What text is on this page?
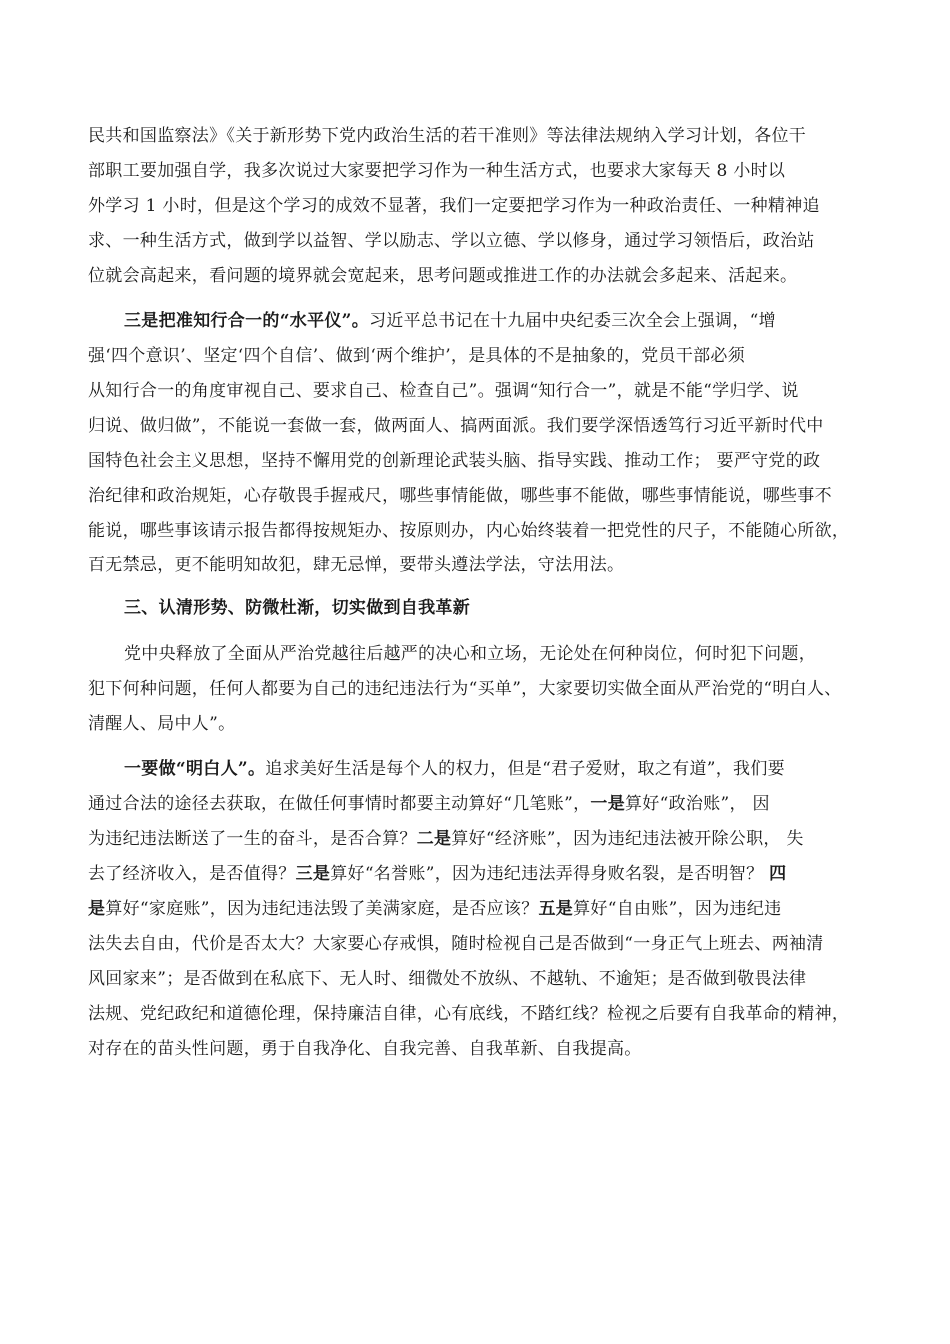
民共和国监察法》《关于新形势下党内政治生活的若干准则》等法律法规纳入学习计划，各位干
部职工要加强自学，我多次说过大家要把学习作为一种生活方式，也要求大家每天 8 小时以
外学习 1 小时，但是这个学习的成效不显著，我们一定要把学习作为一种政治责任、一种精神追
求、一种生活方式，做到学以益智、学以励志、学以立德、学以修身，通过学习领悟后，政治站
位就会高起来，看问题的境界就会宽起来，思考问题或推进工作的办法就会多起来、活起来。
三是把准知行合一的“水平仪”。习近平总书记在十九届中央纪委三次全会上强调，“增
强‘四个意识’、坚定‘四个自信’、做到‘两个维护’，是具体的不是抽象的，党员干部必须
从知行合一的角度审视自己、要求自己、检查自己”。强调“知行合一”，就是不能“学归学、说
归说、做归做”，不能说一套做一套，做两面人、搞两面派。我们要学深悟透笃行习近平新时代中
国特色社会主义思想，坚持不懈用党的创新理论武装头脑、指导实践、推动工作； 要严守党的政
治纪律和政治规矩，心存敬畏手握戒尺，哪些事情能做，哪些事不能做，哪些事情能说，哪些事不
能说，哪些事该请示报告都得按规矩办、按原则办，内心始终装着一把党性的尺子，不能随心所欲，
百无禁忌，更不能明知故犯，肆无忌惮，要带头遵法学法，守法用法。
三、认清形势、防微杜渐，切实做到自我革新
党中央释放了全面从严治党越往后越严的决心和立场，无论处在何种岗位，何时犯下问题，
犯下何种问题，任何人都要为自己的违纪违法行为“买单”，大家要切实做全面从严治党的“明白人、
清醒人、局中人”。
一要做“明白人”。追求美好生活是每个人的权力，但是“君子爱财，取之有道”，我们要
通过合法的途径去获取，在做任何事情时都要主动算好“几笔账”，一是算好“政治账”， 因
为违纪违法断送了一生的奋斗，是否合算？二是算好“经济账”，因为违纪违法被开除公职， 失
去了经济收入，是否值得？三是算好“名誉账”，因为违纪违法弄得身败名裂，是否明智？ 四
是算好“家庭账”，因为违纪违法毁了美满家庭，是否应该？五是算好“自由账”，因为违纪违
法失去自由，代价是否太大？大家要心存戒惧，随时检视自己是否做到“一身正气上班去、两袖清
风回家来”；是否做到在私底下、无人时、细微处不放纵、不越轨、不逾矩；是否做到敬畏法律
法规、党纪政纪和道德伦理，保持廉洁自律，心有底线，不踏红线？检视之后要有自我革命的精神，
对存在的苗头性问题，勇于自我净化、自我完善、自我革新、自我提高。
